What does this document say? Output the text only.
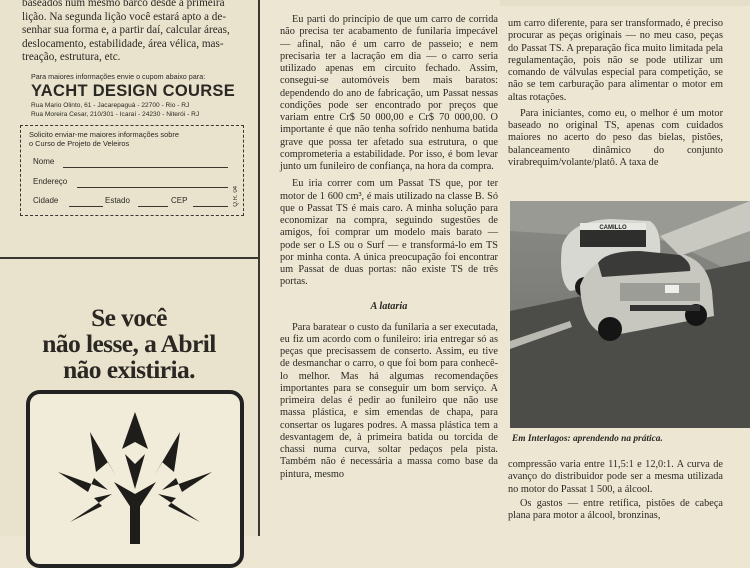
baseados num mesmo barco desde a primeira
lição. Na segunda lição você estará apto a de-
senhar sua forma e, a partir daí, calcular áreas,
deslocamento, estabilidade, área vélica, mas-
treação, estrutura, etc.
Para maiores informações envie o cupom abaixo para:
YACHT DESIGN COURSE
Rua Mario Olinto, 61 - Jacarepaguá - 22700 - Rio - RJ
Rua Moreira Cesar, 210/301 - Icaraí - 24230 - Niterói - RJ
Solicito enviar-me maiores informações sobre
o Curso de Projeto de Veleiros
Nome
Endereço
Cidade	Estado	CEP	Q.R. 04
Se você
não lesse, a Abril
não existiria.

Eu parti do princípio de que um carro de corrida não precisa ter acabamento de funilaria impecável — afinal, não é um carro de passeio; e nem precisaria ter a lacração em dia — o carro seria utilizado apenas em circuito fechado. Assim, consegui-se automóveis bem mais baratos: dependendo do ano de fabricação, um Passat nessas condições pode ser encontrado por preços que variam entre Cr$ 50 000,00 e Cr$ 70 000,00. O importante é que não tenha sofrido nenhuma batida grave que possa ter afetado sua estrutura, o que comprometeria a estabilidade. Por isso, é bom levar junto um funileiro de confiança, na hora da compra.

Eu iria correr com um Passat TS que, por ter motor de 1 600 cm³, é mais utilizado na classe B. Só que o Passat TS é mais caro. A minha solução para economizar na compra, seguindo sugestões de amigos, foi comprar um modelo mais barato — pode ser o LS ou o Surf — e transformá-lo em TS por minha conta. A única preocupação foi encontrar um Passat de duas portas: não existe TS de três portas.

A lataria

Para baratear o custo da funilaria a ser executada, eu fiz um acordo com o funileiro: iria entregar só as peças que precisassem de conserto. Assim, eu tive de desmanchar o carro, o que foi bom para conhecê-lo melhor. Mas há algumas recomendações importantes para se conseguir um bom serviço. A primeira delas é pedir ao funileiro que não use massa plástica, e sim emendas de chapa, para consertar os lugares podres. A massa plástica tem a desvantagem de, à primeira batida ou torcida de chassi numa curva, soltar pedaços pela pista. Também não é necessária a massa como base da pintura, mesmo

um carro diferente, para ser transformado, é preciso procurar as peças originais — no meu caso, peças do Passat TS. A preparação fica muito limitada pela regulamentação, pois não se pode utilizar um comando de válvulas especial para competição, se não se tem carburação para alimentar o motor em altas rotações.

Para iniciantes, como eu, o melhor é um motor baseado no original TS, apenas com cuidados maiores no acerto do peso das bielas, pistões, balanceamento dinâmico do conjunto virabrequim/volante/platô. A taxa de

CAMILLO
Em Interlagos: aprendendo na prática.

compressão varia entre 11,5:1 e 12,0:1. A curva de avanço do distribuidor pode ser a mesma utilizada no motor do Passat 1 500, a álcool.

Os gastos — entre retífica, pistões de cabeça plana para motor a álcool, bronzinas,
